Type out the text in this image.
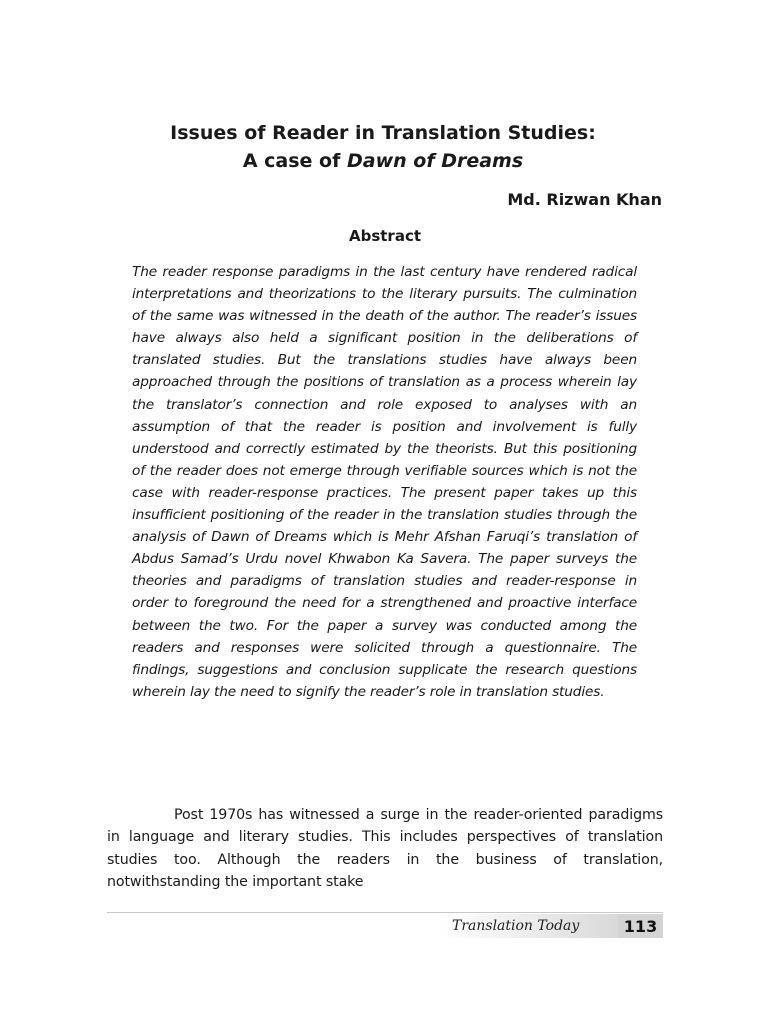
Issues of Reader in Translation Studies:
A case of Dawn of Dreams
Md. Rizwan Khan
Abstract

The reader response paradigms in the last century have rendered radical interpretations and theorizations to the literary pursuits. The culmination of the same was witnessed in the death of the author. The reader’s issues have always also held a significant position in the deliberations of translated studies. But the translations studies have always been approached through the positions of translation as a process wherein lay the translator’s connection and role exposed to analyses with an assumption of that the reader is position and involvement is fully understood and correctly estimated by the theorists. But this positioning of the reader does not emerge through verifiable sources which is not the case with reader-response practices. The present paper takes up this insufficient positioning of the reader in the translation studies through the analysis of Dawn of Dreams which is Mehr Afshan Faruqi’s translation of Abdus Samad’s Urdu novel Khwabon Ka Savera. The paper surveys the theories and paradigms of translation studies and reader-response in order to foreground the need for a strengthened and proactive interface between the two. For the paper a survey was conducted among the readers and responses were solicited through a questionnaire. The findings, suggestions and conclusion supplicate the research questions wherein lay the need to signify the reader’s role in translation studies.

Post 1970s has witnessed a surge in the reader-oriented paradigms in language and literary studies. This includes perspectives of translation studies too. Although the readers in the business of translation, notwithstanding the important stake

Translation Today	113
